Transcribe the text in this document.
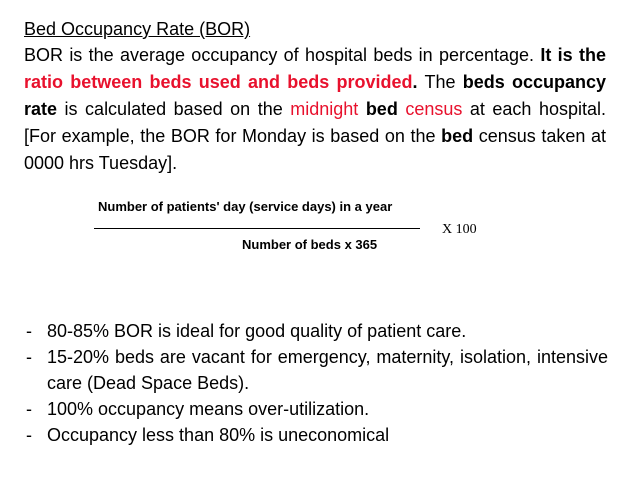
Bed Occupancy Rate (BOR)
BOR is the average occupancy of hospital beds in percentage. It is the ratio between beds used and beds provided. The beds occupancy rate is calculated based on the midnight bed census at each hospital. [For example, the BOR for Monday is based on the bed census taken at 0000 hrs Tuesday].
Number of patients' day (service days) in a year
Number of beds x 365
X 100
- 80-85% BOR is ideal for good quality of patient care.
- 15-20% beds are vacant for emergency, maternity, isolation, intensive care (Dead Space Beds).
- 100% occupancy means over-utilization.
- Occupancy less than 80% is uneconomical
